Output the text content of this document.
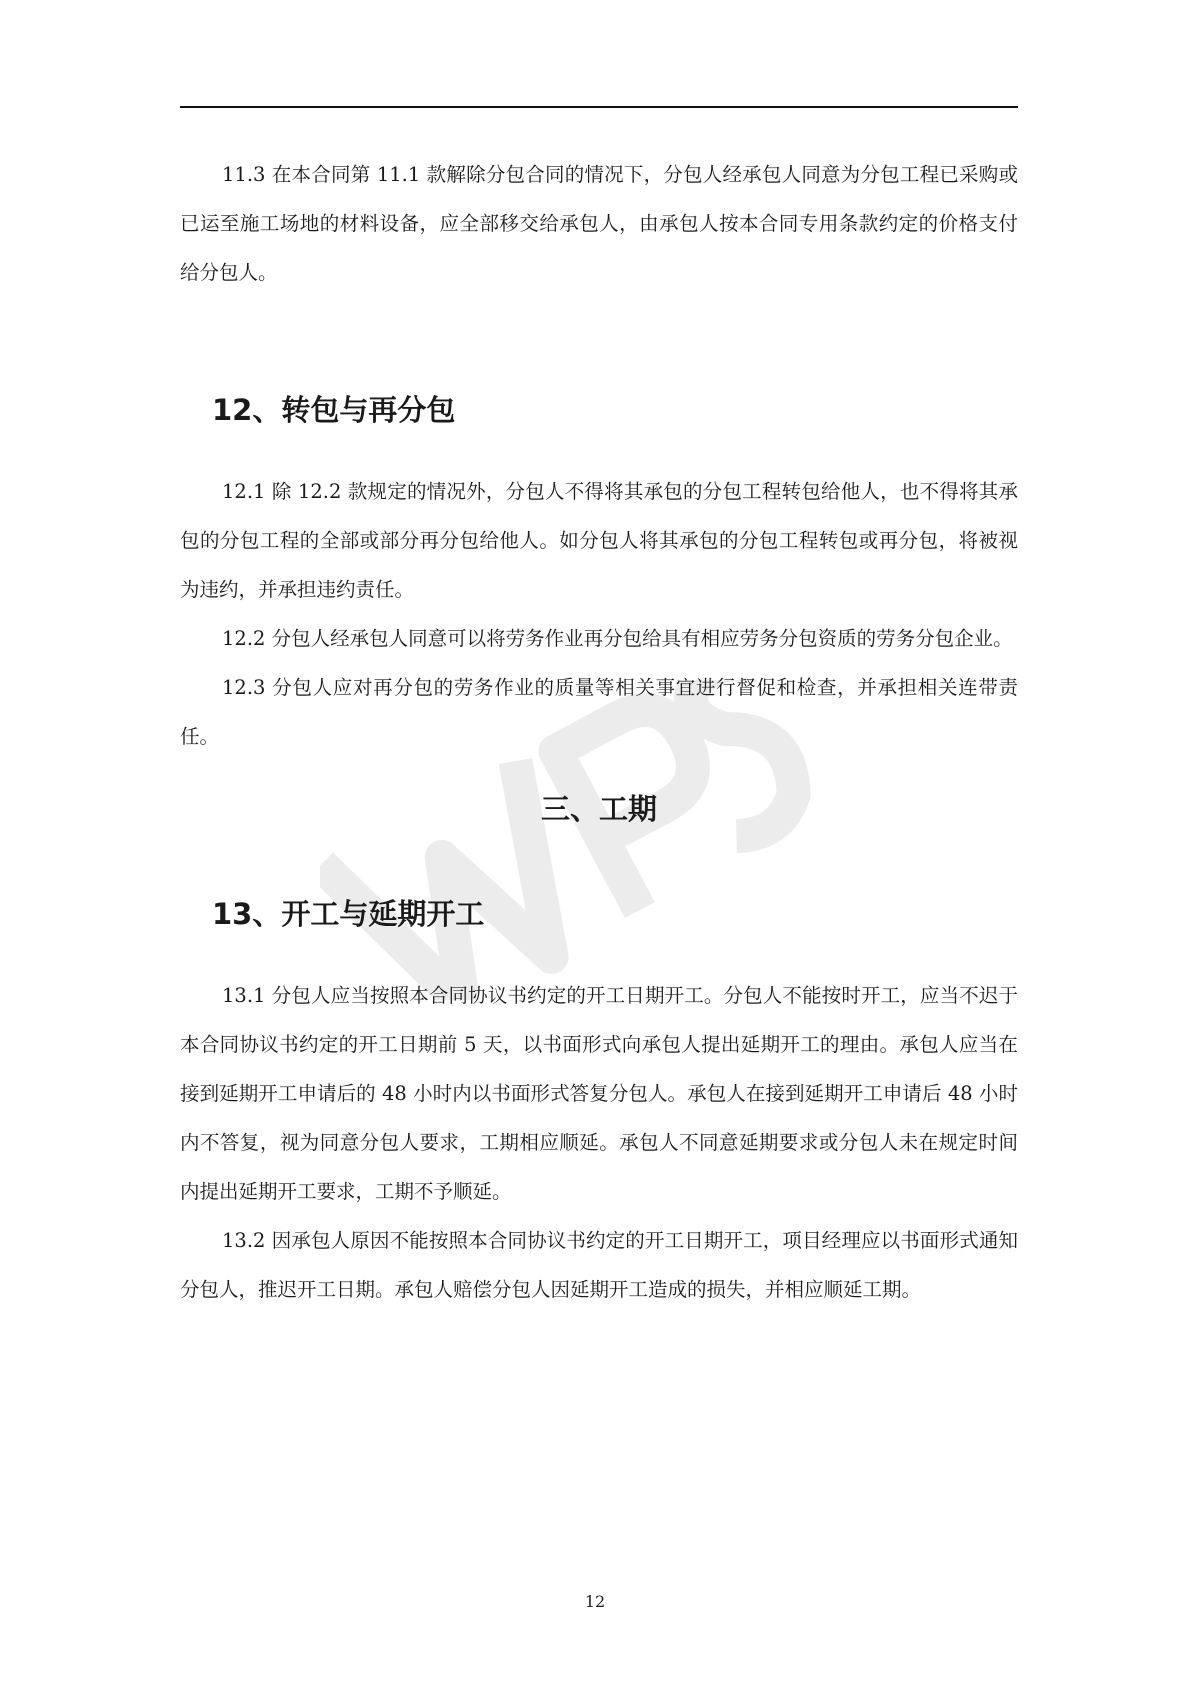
11.3 在本合同第 11.1 款解除分包合同的情况下，分包人经承包人同意为分包工程已采购或已运至施工场地的材料设备，应全部移交给承包人，由承包人按本合同专用条款约定的价格支付给分包人。

12、转包与再分包

12.1 除 12.2 款规定的情况外，分包人不得将其承包的分包工程转包给他人，也不得将其承包的分包工程的全部或部分再分包给他人。如分包人将其承包的分包工程转包或再分包，将被视为违约，并承担违约责任。

12.2 分包人经承包人同意可以将劳务作业再分包给具有相应劳务分包资质的劳务分包企业。

12.3 分包人应对再分包的劳务作业的质量等相关事宜进行督促和检查，并承担相关连带责任。

三、工期
13、开工与延期开工

13.1 分包人应当按照本合同协议书约定的开工日期开工。分包人不能按时开工，应当不迟于本合同协议书约定的开工日期前 5 天，以书面形式向承包人提出延期开工的理由。承包人应当在接到延期开工申请后的 48 小时内以书面形式答复分包人。承包人在接到延期开工申请后 48 小时内不答复，视为同意分包人要求，工期相应顺延。承包人不同意延期要求或分包人未在规定时间内提出延期开工要求，工期不予顺延。

13.2 因承包人原因不能按照本合同协议书约定的开工日期开工，项目经理应以书面形式通知分包人，推迟开工日期。承包人赔偿分包人因延期开工造成的损失，并相应顺延工期。

12
